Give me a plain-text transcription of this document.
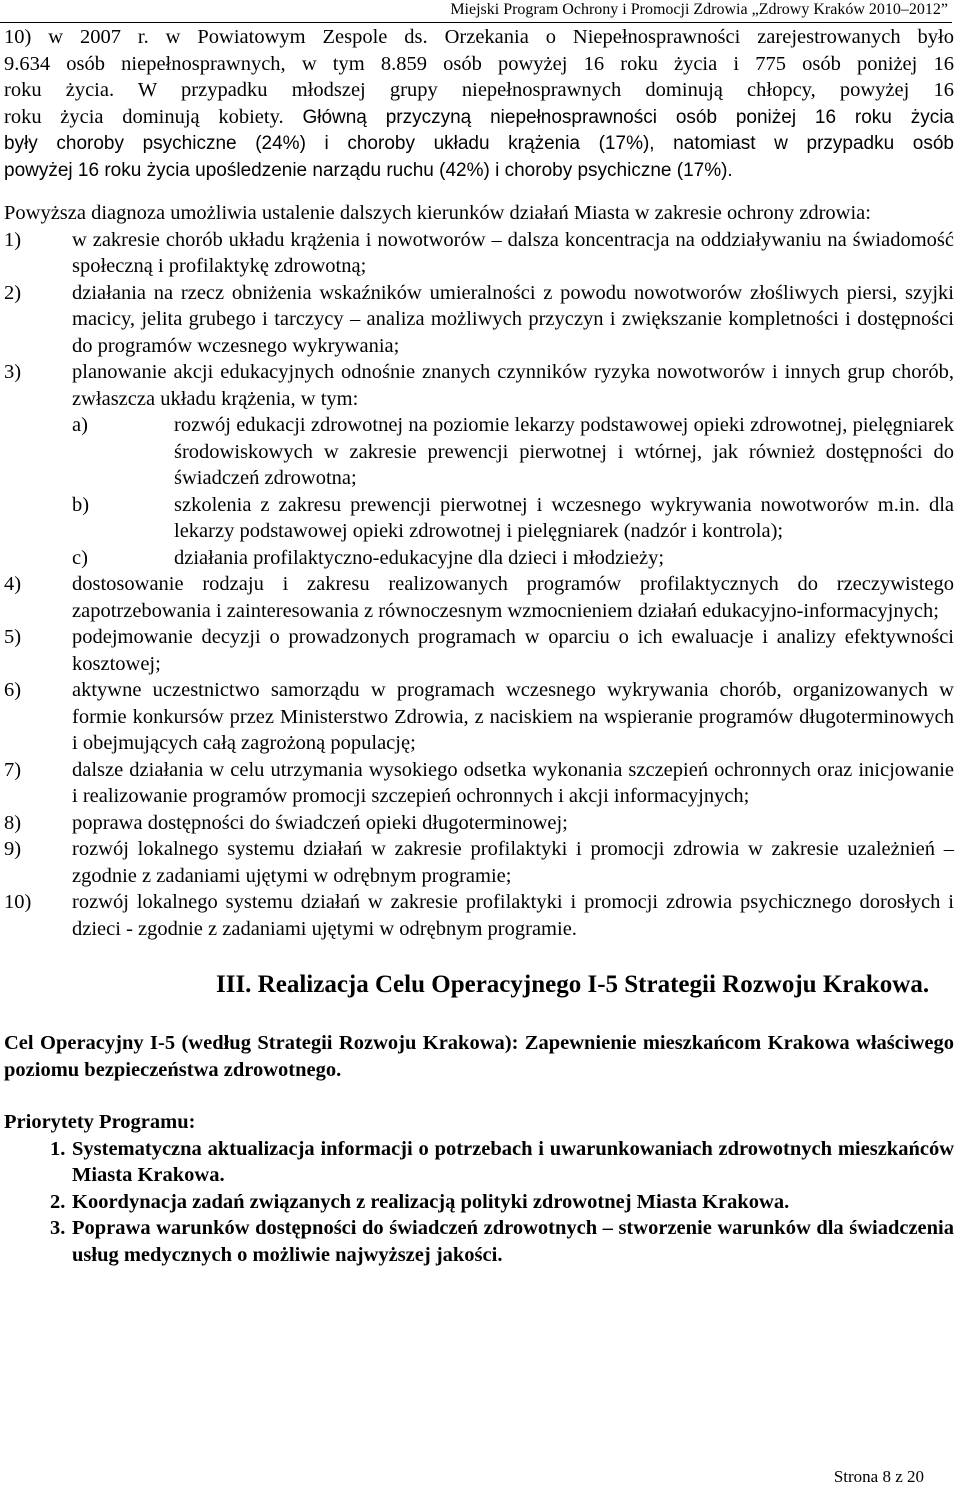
Miejski Program Ochrony i Promocji Zdrowia „Zdrowy Kraków 2010–2012”

10) w 2007 r. w Powiatowym Zespole ds. Orzekania o Niepełnosprawności zarejestrowanych było

9.634 osób niepełnosprawnych, w tym 8.859 osób powyżej 16 roku życia i 775 osób poniżej 16

roku życia. W przypadku młodszej grupy niepełnosprawnych dominują chłopcy, powyżej 16

roku życia dominują kobiety. Główną przyczyną niepełnosprawności osób poniżej 16 roku życia

były choroby psychiczne (24%) i choroby układu krążenia (17%), natomiast w przypadku osób

powyżej 16 roku życia upośledzenie narządu ruchu (42%) i choroby psychiczne (17%).

Powyższa diagnoza umożliwia ustalenie dalszych kierunków działań Miasta w zakresie ochrony zdrowia:

1)	w zakresie chorób układu krążenia i nowotworów – dalsza koncentracja na oddziaływaniu na świadomość społeczną i profilaktykę zdrowotną;
2)	działania na rzecz obniżenia wskaźników umieralności z powodu nowotworów złośliwych piersi, szyjki macicy, jelita grubego i tarczycy – analiza możliwych przyczyn i zwiększanie kompletności i dostępności do programów wczesnego wykrywania;
3)	planowanie akcji edukacyjnych odnośnie znanych czynników ryzyka nowotworów i innych grup chorób, zwłaszcza układu krążenia, w tym:
a)	rozwój edukacji zdrowotnej na poziomie lekarzy podstawowej opieki zdrowotnej, pielęgniarek środowiskowych w zakresie prewencji pierwotnej i wtórnej, jak również dostępności do świadczeń zdrowotna;
b)	szkolenia z zakresu prewencji pierwotnej i wczesnego wykrywania nowotworów m.in. dla lekarzy podstawowej opieki zdrowotnej i pielęgniarek (nadzór i kontrola);
c)	działania profilaktyczno-edukacyjne dla dzieci i młodzieży;
4)	dostosowanie rodzaju i zakresu realizowanych programów profilaktycznych do rzeczywistego zapotrzebowania i zainteresowania z równoczesnym wzmocnieniem działań edukacyjno-informacyjnych;
5)	podejmowanie decyzji o prowadzonych programach w oparciu o ich ewaluacje i analizy efektywności kosztowej;
6)	aktywne uczestnictwo samorządu w programach wczesnego wykrywania chorób, organizowanych w formie konkursów przez Ministerstwo Zdrowia, z naciskiem na wspieranie programów długoterminowych i obejmujących całą zagrożoną populację;
7)	dalsze działania w celu utrzymania wysokiego odsetka wykonania szczepień ochronnych oraz inicjowanie i realizowanie programów promocji szczepień ochronnych i akcji informacyjnych;
8)	poprawa dostępności do świadczeń opieki długoterminowej;
9)	rozwój lokalnego systemu działań w zakresie profilaktyki i promocji zdrowia w zakresie uzależnień – zgodnie z zadaniami ujętymi w odrębnym programie;
10)	rozwój lokalnego systemu działań w zakresie profilaktyki i promocji zdrowia psychicznego dorosłych i dzieci - zgodnie z zadaniami ujętymi w odrębnym programie.
III. Realizacja Celu Operacyjnego I-5 Strategii Rozwoju Krakowa.

Cel Operacyjny I-5 (według Strategii Rozwoju Krakowa): Zapewnienie mieszkańcom Krakowa właściwego poziomu bezpieczeństwa zdrowotnego.

Priorytety Programu:

1. Systematyczna aktualizacja informacji o potrzebach i uwarunkowaniach zdrowotnych mieszkańców Miasta Krakowa.
2. Koordynacja zadań związanych z realizacją polityki zdrowotnej Miasta Krakowa.
3. Poprawa warunków dostępności do świadczeń zdrowotnych – stworzenie warunków dla świadczenia usług medycznych o możliwie najwyższej jakości.
Strona 8 z 20
